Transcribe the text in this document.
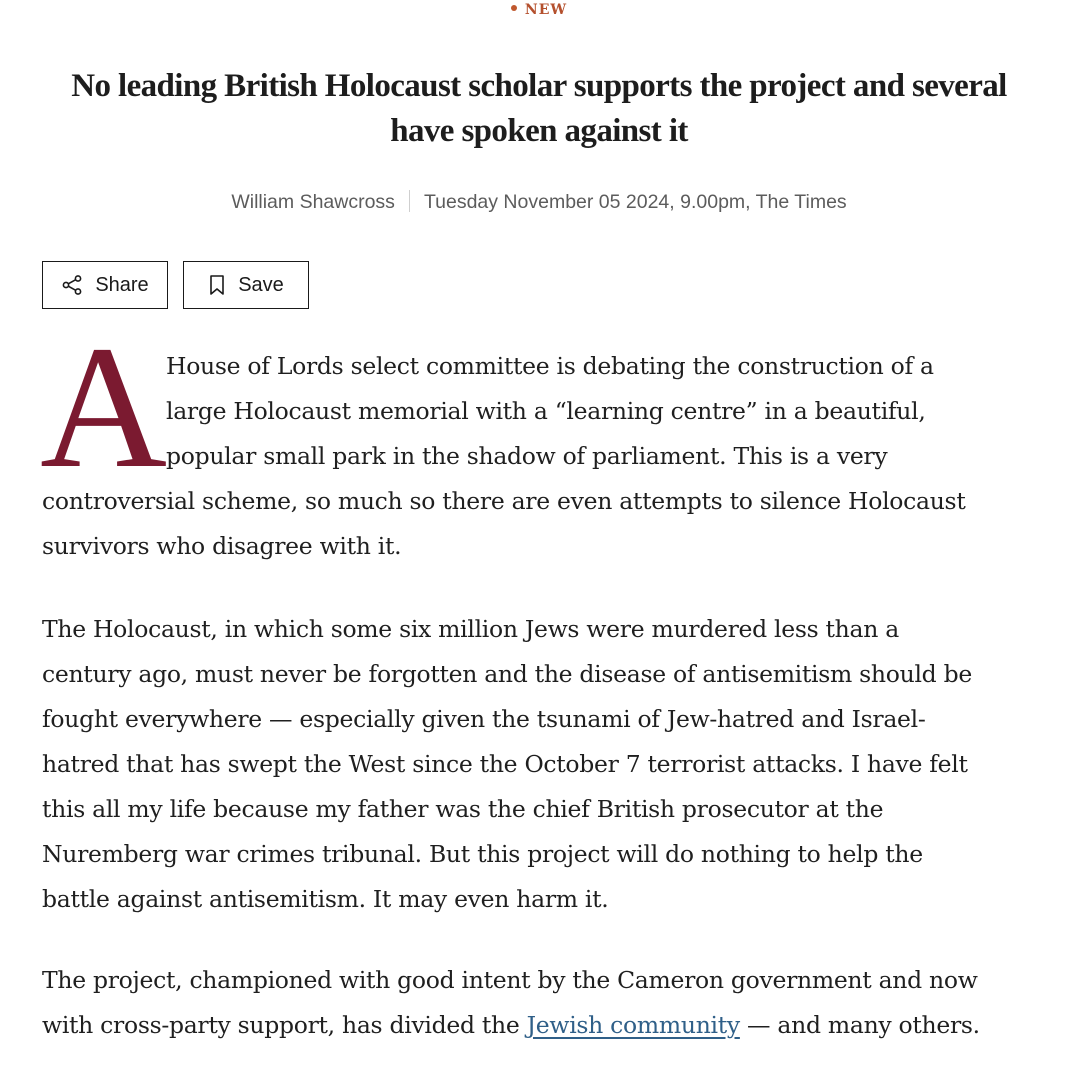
NEW
No leading British Holocaust scholar supports the project and several have spoken against it
William Shawcross Tuesday November 05 2024, 9.00pm, The Times
Share	Save
A
House of Lords select committee is debating the construction of a
large Holocaust memorial with a “learning centre” in a beautiful,
popular small park in the shadow of parliament. This is a very
controversial scheme, so much so there are even attempts to silence Holocaust
survivors who disagree with it.
The Holocaust, in which some six million Jews were murdered less than a
century ago, must never be forgotten and the disease of antisemitism should be
fought everywhere — especially given the tsunami of Jew-hatred and Israel-
hatred that has swept the West since the October 7 terrorist attacks. I have felt
this all my life because my father was the chief British prosecutor at the
Nuremberg war crimes tribunal. But this project will do nothing to help the
battle against antisemitism. It may even harm it.
The project, championed with good intent by the Cameron government and now
with cross-party support, has divided the Jewish community — and many others.
